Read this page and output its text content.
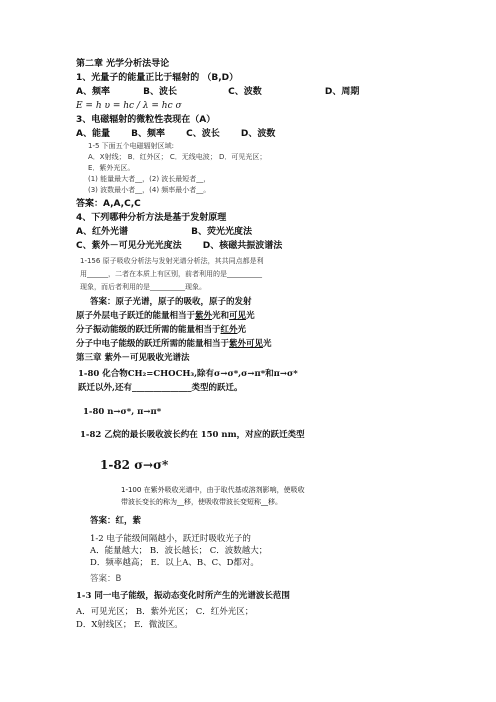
第二章 光学分析法导论
1、光量子的能量正比于辐射的 （B,D）
A、频率	B、波长	C、波数	D、周期
E = h υ = hc / λ = hc σ
3、电磁辐射的微粒性表现在（A）
A、能量 B、频率 C、波长 D、波数
1-5 下面五个电磁辐射区域:
A．X射线； B．红外区； C．无线电波； D．可见光区；
E．紫外光区。
(1) 能量最大者__，(2) 波长最短者__，
(3) 波数最小者__，(4) 频率最小者__。
答案：A,A,C,C
4、下列哪种分析方法是基于发射原理
A、红外光谱	B、荧光光度法
C、紫外－可见分光光度法 D、核磁共振波谱法
1-156 原子吸收分析法与发射光谱分析法，其共同点都是利
用______，二者在本质上有区别，前者利用的是__________
现象，而后者利用的是__________现象。
答案：原子光谱，原子的吸收，原子的发射
原子外层电子跃迁的能量相当于紫外光和可见光
分子振动能级的跃迁所需的能量相当于红外光
分子中电子能级的跃迁所需的能量相当于紫外可见光
第三章 紫外－可见吸收光谱法
1-80 化合物CH₂=CHOCH₃,除有σ→σ*,σ→π*和π→σ*
跃迁以外,还有______________类型的跃迁。
1-80 n→σ*, π→π*
1-82 乙烷的最长吸收波长约在 150 nm，对应的跃迁类型
1-82 σ→σ*
1-100 在紫外吸收光谱中，由于取代基或溶剂影响，使吸收
带波长变长的称为__移，使吸收带波长变短称__移。
答案：红，紫
1-2 电子能级间隔越小，跃迁时吸收光子的
A．能量越大； B．波长越长； C．波数越大；
D．频率越高； E．以上A、B、C、D都对。
答案：B
1-3 同一电子能级，振动态变化时所产生的光谱波长范围
A．可见光区； B．紫外光区； C．红外光区；
D．X射线区； E．微波区。
